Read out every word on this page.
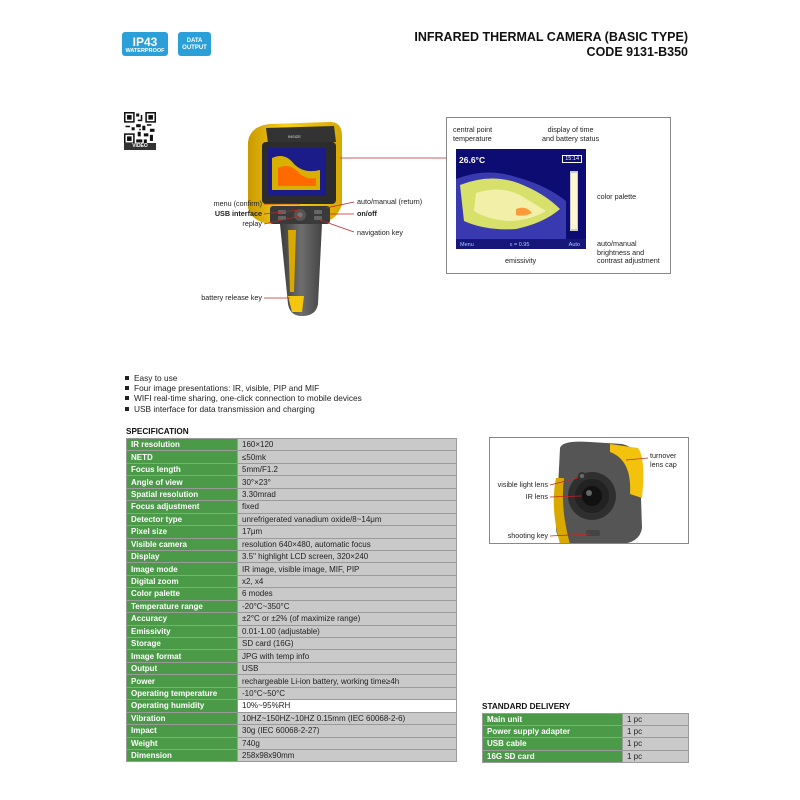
IP43
WATERPROOF
DATA
OUTPUT
INFRARED THERMAL CAMERA (BASIC TYPE)
CODE 9131-B350
VIDEO
INSIZE
menu (confirm)
USB interface
replay
auto/manual (return)
on/off
navigation key
battery release key
central point
temperature
display of time
and battery status
color palette
auto/manual
brightness and
contrast adjustment
emissivity
26.6°C	15:14
Menu	ε = 0.95	Auto
Easy to use
Four image presentations: IR, visible, PIP and MIF
WIFI real-time sharing, one-click connection to mobile devices
USB interface for data transmission and charging
SPECIFICATION
IR resolution	160×120
NETD	≤50mk
Focus length	5mm/F1.2
Angle of view	30°×23°
Spatial resolution	3.30mrad
Focus adjustment	fixed
Detector type	unrefrigerated vanadium oxide/8~14μm
Pixel size	17μm
Visible camera	resolution 640×480, automatic focus
Display	3.5" highlight LCD screen, 320×240
Image mode	IR image, visible image, MIF, PIP
Digital zoom	x2, x4
Color palette	6 modes
Temperature range	-20°C~350°C
Accuracy	±2°C or ±2% (of maximize range)
Emissivity	0.01-1.00 (adjustable)
Storage	SD card (16G)
Image format	JPG with temp info
Output	USB
Power	rechargeable Li-ion battery, working time≥4h
Operating temperature	-10°C~50°C
Operating humidity	10%~95%RH
Vibration	10HZ~150HZ~10HZ 0.15mm (IEC 60068-2-6)
Impact	30g (IEC 60068-2-27)
Weight	740g
Dimension	258x98x90mm
turnover
lens cap
visible light lens
IR lens
shooting key
STANDARD DELIVERY
Main unit	1 pc
Power supply adapter	1 pc
USB cable	1 pc
16G SD card	1 pc
